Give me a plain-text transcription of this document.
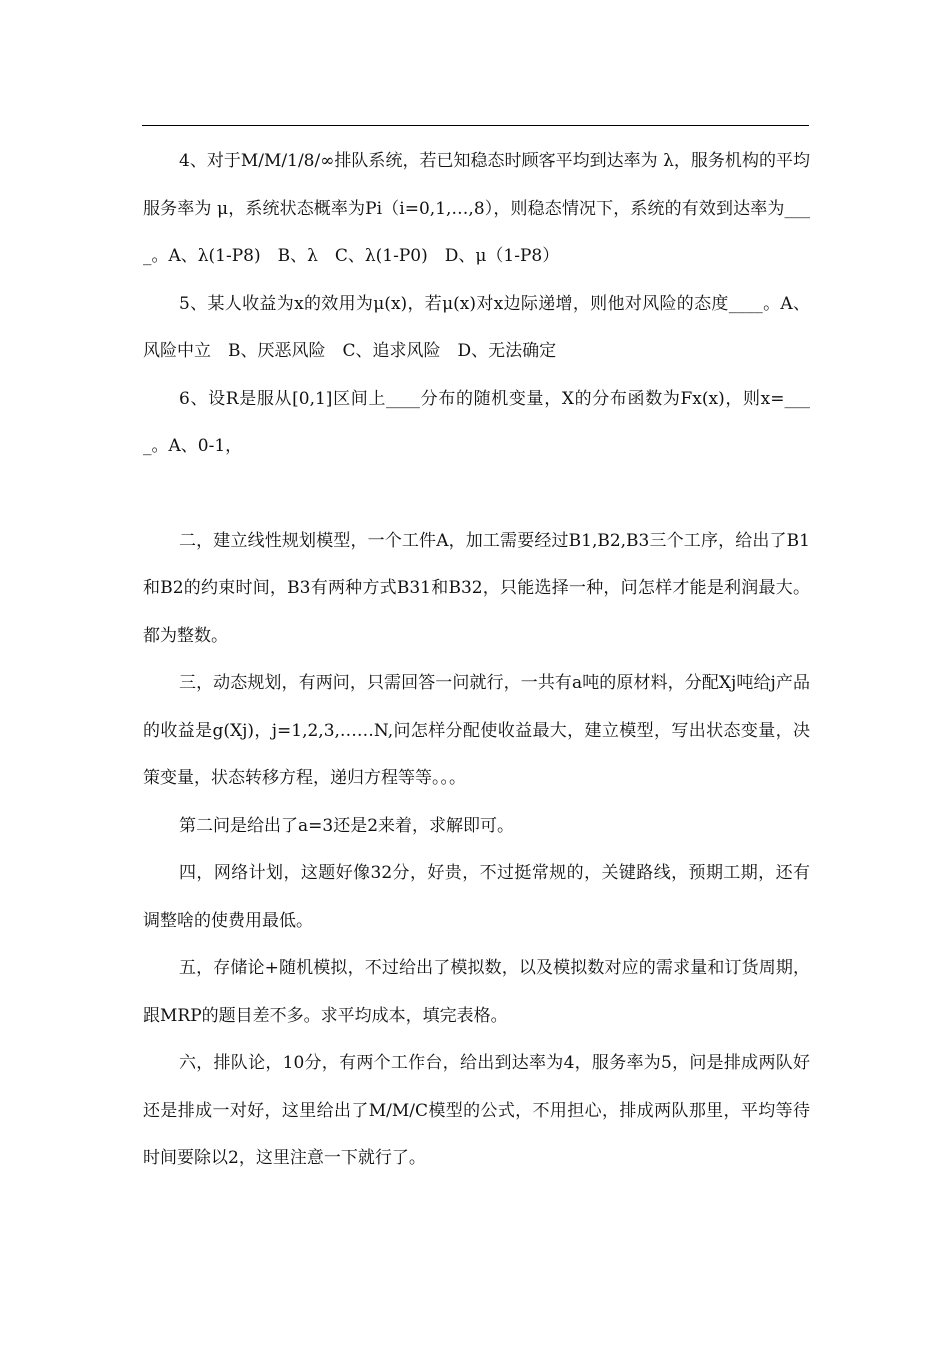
4、对于M/M/1/8/∞排队系统，若已知稳态时顾客平均到达率为 λ，服务机构的平均服务率为 μ，系统状态概率为Pi（i=0,1,…,8），则稳态情况下，系统的有效到达率为____。A、λ(1-P8)　B、λ　C、λ(1-P0)　D、μ（1-P8）

5、某人收益为x的效用为μ(x)，若μ(x)对x边际递增，则他对风险的态度____。A、风险中立　B、厌恶风险　C、追求风险　D、无法确定

6、设R是服从[0,1]区间上____分布的随机变量，X的分布函数为Fx(x)，则x=____。A、0-1，

二，建立线性规划模型，一个工件A，加工需要经过B1,B2,B3三个工序，给出了B1和B2的约束时间，B3有两种方式B31和B32，只能选择一种，问怎样才能是利润最大。都为整数。

三，动态规划，有两问，只需回答一问就行，一共有a吨的原材料，分配Xj吨给j产品的收益是g(Xj)，j=1,2,3,……N,问怎样分配使收益最大，建立模型，写出状态变量，决策变量，状态转移方程，递归方程等等。。。

第二问是给出了a=3还是2来着，求解即可。

四，网络计划，这题好像32分，好贵，不过挺常规的，关键路线，预期工期，还有调整啥的使费用最低。

五，存储论+随机模拟，不过给出了模拟数，以及模拟数对应的需求量和订货周期，跟MRP的题目差不多。求平均成本，填完表格。

六，排队论，10分，有两个工作台，给出到达率为4，服务率为5，问是排成两队好还是排成一对好，这里给出了M/M/C模型的公式，不用担心，排成两队那里，平均等待时间要除以2，这里注意一下就行了。
